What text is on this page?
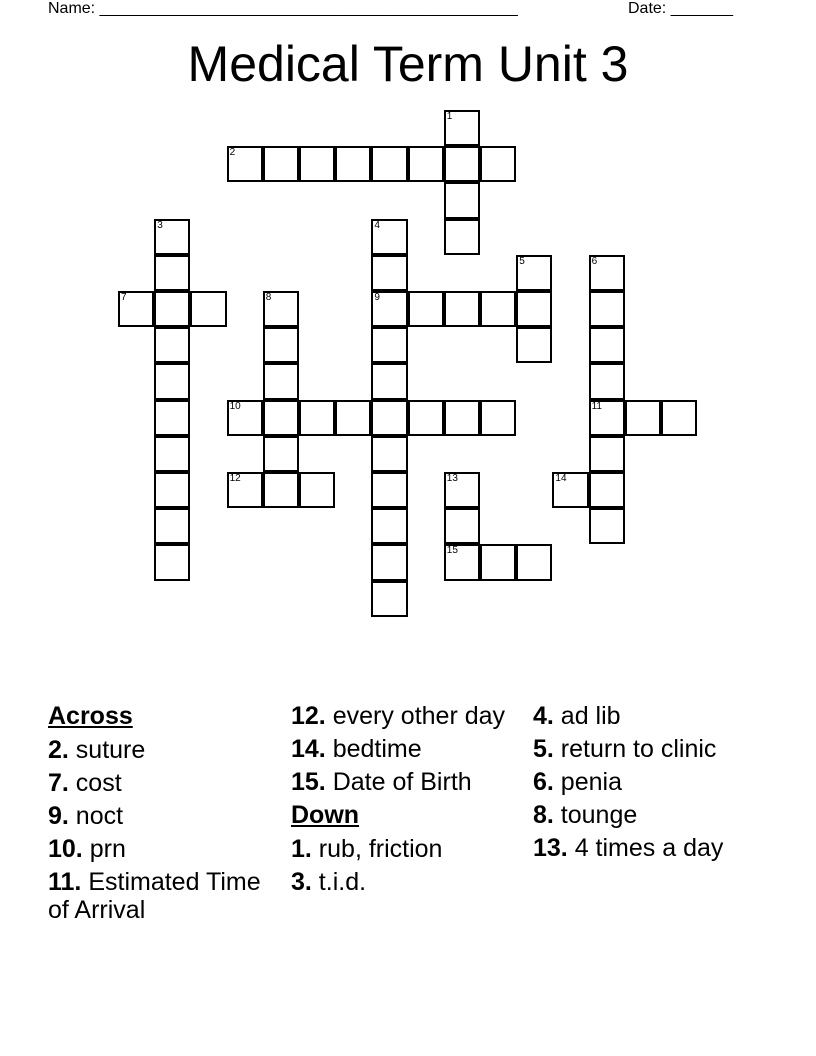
Name: _______________________________________________	Date: _______
Medical Term Unit 3
1
2
3	4
5	6
7	8	9
10	11
12	13	14
15
Across
2. suture
7. cost
9. noct
10. prn
11. Estimated Time of Arrival
12. every other day
14. bedtime
15. Date of Birth
Down
1. rub, friction
3. t.i.d.
4. ad lib
5. return to clinic
6. penia
8. tounge
13. 4 times a day
